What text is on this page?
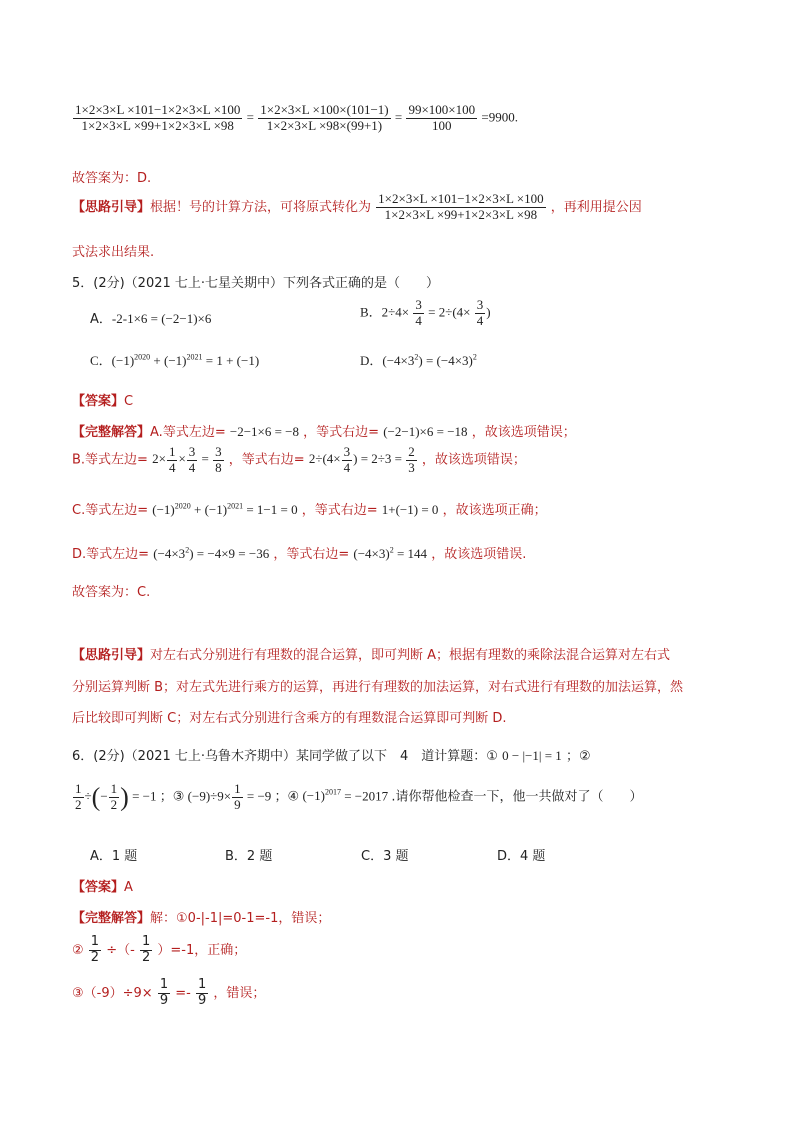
$\frac{1\times 2\times 3\times L \times 101-1\times 2\times 3\times L \times 100}{1\times 2\times 3\times L \times 99+1\times 2\times 3\times L \times 98} = \frac{1\times 2\times 3\times L \times 100\times(101-1)}{1\times 2\times 3\times L \times 98\times(99+1)} = \frac{99\times 100\times 100}{100} =9900$.
故答案为：D.
【思路引导】根据！号的计算方法，可将原式转化为 $\frac{1\times 2\times 3\times L \times 101-1\times 2\times 3\times L \times 100}{1\times 2\times 3\times L \times 99+1\times 2\times 3\times L \times 98}$ ，再利用提公因
式法求出结果.
5．(2分)（2021 七上·七星关期中）下列各式正确的是（　　）
A．-2-1×6 = (−2−1)×6	B．$2\div 4\times \frac{3}{4} = 2\div(4\times \frac{3}{4}$ )
C．$(-1)^{2020} + (-1)^{2021} = 1 + (-1)$	D．$(-4\times 3^2) = (-4\times 3)^2$
【答案】C
【完整解答】A.等式左边= −2−1×6 = −8 ，等式右边= (−2−1)×6 = −18 ，故该选项错误；
B.等式左边= $2\times \frac{1}{4} \times \frac{3}{4} = \frac{3}{8}$ ，等式右边= $2\div(4\times \frac{3}{4}$ ) = $2\div 3 = \frac{2}{3}$ ，故该选项错误；
C.等式左边= $(-1)^{2020} + (-1)^{2021} = 1-1 = 0$ ，等式右边= 1+(−1) = 0 ，故该选项正确；
D.等式左边= $(-4\times 3^2) = -4\times 9 = -36$ ，等式右边= $(-4\times 3)^2 = 144$ ，故该选项错误.
故答案为：C.
【思路引导】对左右式分别进行有理数的混合运算，即可判断 A；根据有理数的乘除法混合运算对左右式
分别运算判断 B；对左式先进行乘方的运算，再进行有理数的加法运算，对右式进行有理数的加法运算，然
后比较即可判断 C；对左右式分别进行含乘方的有理数混合运算即可判断 D.
6．(2分)（2021 七上·乌鲁木齐期中）某同学做了以下　4　道计算题：① 0 − |−1| = 1 ；②
$\frac{1}{2}$ ÷(− $\frac{1}{2}$ ) = −1 ；③ $(-9)\div 9\times \frac{1}{9} = -9$ ；④ $(-1)^{2017} = -2017$ .请你帮他检查一下，他一共做对了（　　）
A．1 题	B．2 题	C．3 题	D．4 题
【答案】A
【完整解答】解：①0-|-1|=0-1=-1，错误；
② $\frac{1}{2}$ ÷（- $\frac{1}{2} )=-1$，正确；
③（-9）÷9× $\frac{1}{9} =- \frac{1}{9}$ ，错误；
